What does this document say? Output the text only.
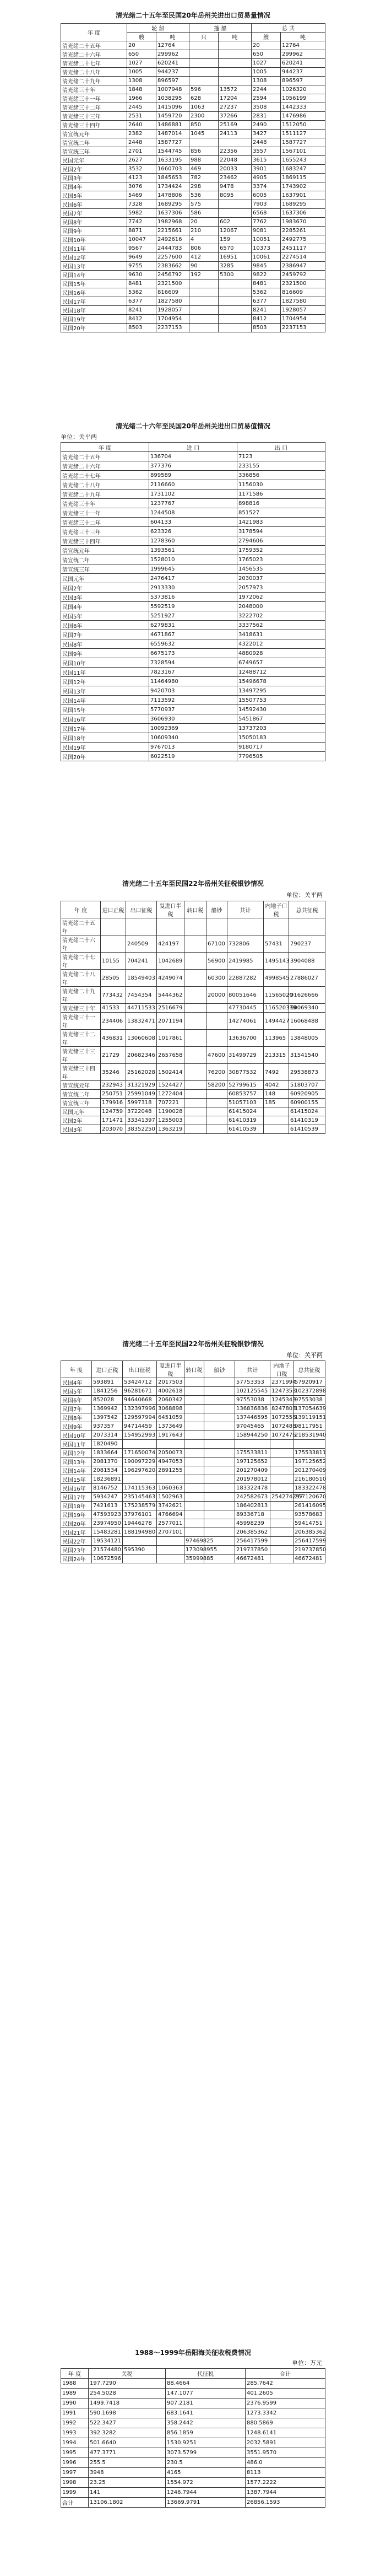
清光绪二十五年至民国20年岳州关进出口贸易量情况
年 度	轮 船		篷 船		总 共	
	艘	吨	只	吨	艘	吨
清光绪二十五年	20	12764			20	12764
清光绪二十六年	650	299962			650	299962
清光绪二十七年	1027	620241			1027	620241
清光绪二十八年	1005	944237			1005	944237
清光绪二十九年	1308	896597			1308	896597
清光绪三十年	1848	1007948	596	13572	2244	1026320
清光绪三十一年	1966	1038295	628	17204	2594	1056199
清光绪三十二年	2445	1415096	1063	27237	3508	1442333
清光绪三十三年	2531	1459720	2300	37266	2831	1476986
清光绪三十四年	2640	1486881	850	25169	2490	1512050
清宣统元年	2382	1487014	1045	24113	3427	1511127
清宣统二年	2448	1587727			2448	1587727
清宣统三年	2701	1544745	856	22356	3557	1567101
民国元年	2627	1633195	988	22048	3615	1655243
民国2年	3532	1660703	469	20033	3901	1683247
民国3年	4123	1845653	782	23462	4905	1869115
民国4年	3076	1734424	298	9478	3374	1743902
民国5年	5469	1478806	536	8095	6005	1637901
民国6年	7328	1689295	575		7903	1689295
民国7年	5982	1637306	586		6568	1637306
民国8年	7742	1982968	20	602	7762	1983670
民国9年	8871	2215661	210	12067	9081	2285261
民国10年	10047	2492616	4	159	10051	2492775
民国11年	9567	2444783	806	6570	10373	2451117
民国12年	9649	2257600	412	16951	10061	2274514
民国13年	9755	2383662	90	3285	9845	2386947
民国14年	9630	2456792	192	5300	9822	2459792
民国15年	8481	2321500			8481	2321500
民国16年	5362	816609			5362	816609
民国17年	6377	1827580			6377	1827580
民国18年	8241	1928057			8241	1928057
民国19年	8412	1704954			8412	1704954
民国20年	8503	2237153			8503	2237153
清光绪二十六年至民国20年岳州关进出口贸易值情况
单位：关平两
年 度	进 口	出 口
清光绪二十五年	136704	7123
清光绪二十六年	377376	233155
清光绪二十七年	899589	336856
清光绪二十八年	2116660	1156030
清光绪二十九年	1731102	1171586
清光绪三十年	1237767	898816
清光绪三十一年	1244508	851527
清光绪三十二年	604133	1421983
清光绪三十三年	623326	3178594
清光绪三十四年	1278360	2794606
清宣统元年	1393561	1759352
清宣统二年	1528010	1765023
清宣统三年	1999645	1456535
民国元年	2476417	2030037
民国2年	2913330	2057973
民国3年	5373816	1972062
民国4年	5592519	2048000
民国5年	5251927	3222702
民国6年	6279831	3337562
民国7年	4671867	3418631
民国8年	6559632	4322012
民国9年	6675173	4880928
民国10年	7328594	6749657
民国11年	7823167	12488712
民国12年	11464980	15496678
民国13年	9420703	13497295
民国14年	7113592	15507753
民国15年	5770937	14592430
民国16年	3606930	5451867
民国17年	10092369	13737203
民国18年	10609340	15050183
民国19年	9767013	9180717
民国20年	6022519	7796505
清光绪二十五年至民国22年岳州关征税银钞情况
单位：关平两
年 度	进口正税	出口征税	复进口半税	转口税	船钞	共计	内地子口税	总共征税
清光绪二十五年								
清光绪二十六年		240509	424197		67100	732806	57431	790237
清光绪二十七年	10155	704241	1042689		56900	2419985	1495143	3904088
清光绪二十八年	28505	18549403	4249074		60300	22887282	4998545	27886027
清光绪二十九年	773432	7454354	5444362		20000	80051646	11565020	91626666
清光绪三十年	41533	44711533	2516679			47730445	116520379	60069340
清光绪三十一年	234406	13832471	2071194			14274061	1494427	16068488
清光绪三十二年	436831	13060608	1017861			13636700	113965	13848005
清光绪三十三年	21729	20682346	2657658		47600	31499729	213315	31541540
清光绪三十四年	35246	25162028	1502414		76200	30877532	7492	29538873
清宣统元年	232943	31321929	1524427		58200	52799615	4042	51803707
清宣统二年	250751	25991049	1272404			60853757	148	60920905
清宣统三年	179916	5997318	707221			51057103	185	60900155
民国元年	124759	3722048	1190028			61415024		61415024
民国2年	171471	33341397	1255003			61410319		61410319
民国3年	203070	38352250	1363219			61410539		61410539
清光绪二十五年至民国22年岳州关征税银钞情况
单位：关平两
年 度	进口正税	出口征税	复进口半税	转口税	船钞	共计	内地子口税	总共征税
民国4年	593891	53424712	2017503			57753353	2371994	57920917
民国5年	1841256	96281671	4002618			102125545	1247353	102372898
民国6年	852028	94640668	2060342			97553038	1245343	97553038
民国7年	1369942	132397996	3068898			136836836	8247803	137054639
民国8年	1397542	129597994	6451059			137446595	1072556	139119151
民国9年	937357	94714459	1373649			97045465	1072486	98117951
民国10年	2073314	154952993	1917643			158944250	1072476	218531940
民国11年	1820490							
民国12年	1833664	171650074	2050073			175533811		175533811
民国13年	2081370	190097229	4947053			197125652		197125652
民国14年	2081534	196297620	2891255			201270409		201270409
民国15年	18236891					201978012		216180510
民国16年	8146752	174115363	1060363			183322478		183322478
民国17年	5934247	235145463	1502963			242582673	254274297	257120670
民国18年	7421613	175238579	3742621			186402813		261416095
民国19年	47593923	37976101	4766694			89336718		93578683
民国20年	23974950	19446278	2577011			45998239		59414751
民国21年	15483281	188194980	2707101			206385362		206385362
民国22年	19534121			97469825		256417599		256417599
民国23年	21574480	595390		173098955		219737850		219737850
民国24年	10672596			35999885		46672481		46672481
1988～1999年岳阳海关征收税费情况
单位：万元
年 度	关税	代征税	合计
1988	197.7290	88.4664	285.7642
1989	254.5028	147.1077	401.2605
1990	1499.7418	907.2181	2376.9599
1991	590.1698	683.1641	1273.3342
1992	522.3427	358.2442	880.5869
1993	392.3282	856.1859	1248.6141
1994	501.6640	1530.9251	2032.5891
1995	477.3771	3073.5799	3551.9570
1996	255.5	230.5	486.0
1997	3948	4165	8113
1998	23.25	1554.972	1577.2222
1999	141	1246.7944	1387.7944
合计	13106.1802	13669.9791	26856.1593
